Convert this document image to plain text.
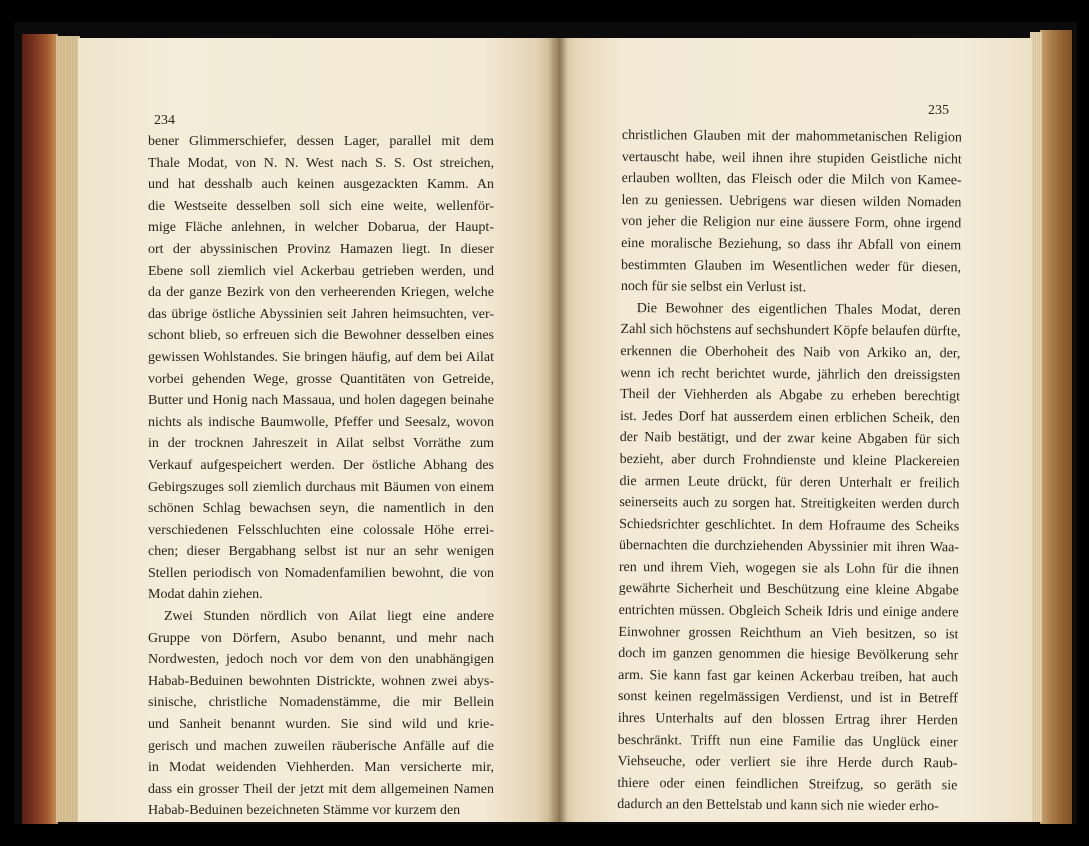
234

235

bener Glimmerschiefer, dessen Lager, parallel mit dem
Thale Modat, von N. N. West nach S. S. Ost streichen,
und hat desshalb auch keinen ausgezackten Kamm. An
die Westseite desselben soll sich eine weite, wellenför-
mige Fläche anlehnen, in welcher Dobarua, der Haupt-
ort der abyssinischen Provinz Hamazen liegt. In dieser
Ebene soll ziemlich viel Ackerbau getrieben werden, und
da der ganze Bezirk von den verheerenden Kriegen, welche
das übrige östliche Abyssinien seit Jahren heimsuchten, ver-
schont blieb, so erfreuen sich die Bewohner desselben eines
gewissen Wohlstandes. Sie bringen häufig, auf dem bei Ailat
vorbei gehenden Wege, grosse Quantitäten von Getreide,
Butter und Honig nach Massaua, und holen dagegen beinahe
nichts als indische Baumwolle, Pfeffer und Seesalz, wovon
in der trocknen Jahreszeit in Ailat selbst Vorräthe zum
Verkauf aufgespeichert werden. Der östliche Abhang des
Gebirgszuges soll ziemlich durchaus mit Bäumen von einem
schönen Schlag bewachsen seyn, die namentlich in den
verschiedenen Felsschluchten eine colossale Höhe errei-
chen; dieser Bergabhang selbst ist nur an sehr wenigen
Stellen periodisch von Nomadenfamilien bewohnt, die von
Modat dahin ziehen.
Zwei Stunden nördlich von Ailat liegt eine andere
Gruppe von Dörfern, Asubo benannt, und mehr nach
Nordwesten, jedoch noch vor dem von den unabhängigen
Habab-Beduinen bewohnten Districkte, wohnen zwei abys-
sinische, christliche Nomadenstämme, die mir Bellein
und Sanheit benannt wurden. Sie sind wild und krie-
gerisch und machen zuweilen räuberische Anfälle auf die
in Modat weidenden Viehherden. Man versicherte mir,
dass ein grosser Theil der jetzt mit dem allgemeinen Namen
Habab-Beduinen bezeichneten Stämme vor kurzem den
christlichen Glauben mit der mahommetanischen Religion
vertauscht habe, weil ihnen ihre stupiden Geistliche nicht
erlauben wollten, das Fleisch oder die Milch von Kamee-
len zu geniessen. Uebrigens war diesen wilden Nomaden
von jeher die Religion nur eine äussere Form, ohne irgend
eine moralische Beziehung, so dass ihr Abfall von einem
bestimmten Glauben im Wesentlichen weder für diesen,
noch für sie selbst ein Verlust ist.
Die Bewohner des eigentlichen Thales Modat, deren
Zahl sich höchstens auf sechshundert Köpfe belaufen dürfte,
erkennen die Oberhoheit des Naib von Arkiko an, der,
wenn ich recht berichtet wurde, jährlich den dreissigsten
Theil der Viehherden als Abgabe zu erheben berechtigt
ist. Jedes Dorf hat ausserdem einen erblichen Scheik, den
der Naib bestätigt, und der zwar keine Abgaben für sich
bezieht, aber durch Frohndienste und kleine Plackereien
die armen Leute drückt, für deren Unterhalt er freilich
seinerseits auch zu sorgen hat. Streitigkeiten werden durch
Schiedsrichter geschlichtet. In dem Hofraume des Scheiks
übernachten die durchziehenden Abyssinier mit ihren Waa-
ren und ihrem Vieh, wogegen sie als Lohn für die ihnen
gewährte Sicherheit und Beschützung eine kleine Abgabe
entrichten müssen. Obgleich Scheik Idris und einige andere
Einwohner grossen Reichthum an Vieh besitzen, so ist
doch im ganzen genommen die hiesige Bevölkerung sehr
arm. Sie kann fast gar keinen Ackerbau treiben, hat auch
sonst keinen regelmässigen Verdienst, und ist in Betreff
ihres Unterhalts auf den blossen Ertrag ihrer Herden
beschränkt. Trifft nun eine Familie das Unglück einer
Viehseuche, oder verliert sie ihre Herde durch Raub-
thiere oder einen feindlichen Streifzug, so geräth sie
dadurch an den Bettelstab und kann sich nie wieder erho-
